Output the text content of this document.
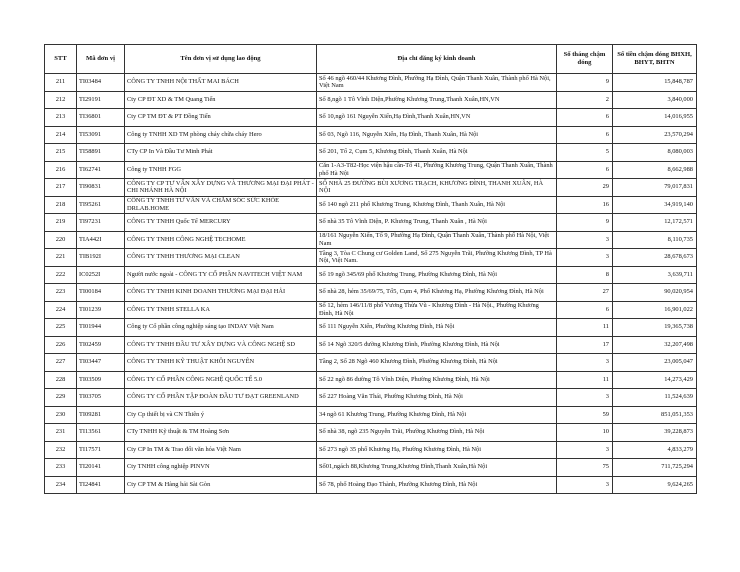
STT	Mã đơn vị	Tên đơn vị sử dụng lao động	Địa chỉ đăng ký kinh doanh	Số tháng chậm đóng	Số tiền chậm đóng BHXH, BHYT, BHTN
211	TI03484	CÔNG TY TNHH NỘI THẤT MAI BÁCH	Số 46 ngõ 460/44 Khương Đình, Phường Hạ Đình, Quận Thanh Xuân, Thành phố Hà Nội, Việt Nam	9	15,848,787
212	TI29191	Cty CP ĐT XD & TM Quang Tiến	Số 8,ngõ 1 Tô Vĩnh Diện,Phường Khương Trung,Thanh Xuân,HN,VN	2	3,840,000
213	TI36801	Cty CP TM ĐT & PT Đồng Tiến	Số 10,ngõ 161 Nguyễn Xiển,Hạ Đình,Thanh Xuân,HN,VN	6	14,016,955
214	TI53091	Công ty TNHH XD TM phòng cháy chữa cháy Hero	Số 03, Ngõ 116, Nguyễn Xiển, Hạ Đình, Thanh Xuân, Hà Nội	6	23,570,294
215	TI58891	CTy CP In Và Đầu Tư Minh Phát	Số 201, Tổ 2, Cụm 5, Khương Đình, Thanh Xuân, Hà Nội	5	8,080,003
216	TI62741	Công ty TNHH FGG	Căn 1-A3-T82-Học viện hậu cần-Tổ 41, Phường Khương Trung, Quận Thanh Xuân, Thành phố Hà Nội	6	8,662,988
217	TI90831	CÔNG TY CP TƯ VẤN XÂY DỰNG VÀ THƯƠNG MẠI ĐẠI PHÁT - CHI NHÁNH HÀ NỘI	SỐ NHÀ 25 ĐƯỜNG BÙI XƯƠNG TRẠCH, KHƯƠNG ĐÌNH, THANH XUÂN, HÀ NỘI	29	79,017,831
218	TI95261	CÔNG TY TNHH TƯ VẤN VÀ CHĂM SÓC SỨC KHỎE DRLAB.HOME	Số 140 ngõ 211 phố Khương Trung, Khương Đình, Thanh Xuân, Hà Nội	16	34,919,140
219	TI97231	CÔNG TY TNHH Quốc Tế MERCURY	Số nhà 35 Tô Vĩnh Diện, P. Khương Trung, Thanh Xuân , Hà Nội	9	12,172,571
220	TIA442I	CÔNG TY TNHH CÔNG NGHỆ TECHOME	18/161 Nguyễn Xiển, Tổ 9, Phường Hạ Đình, Quận Thanh Xuân, Thành phố Hà Nội, Việt Nam	3	8,110,735
221	TIB192I	CÔNG TY TNHH THƯƠNG MẠI CLEAN	Tầng 3, Tòa C Chung cư Golden Land, Số 275 Nguyễn Trãi, Phường Khương Đình, TP Hà Nội, Việt Nam.	3	28,678,673
222	IC0252I	Người nước ngoài - CÔNG TY CỔ PHẦN NAVITECH VIỆT NAM	Số 19 ngõ 345/69 phố Khương Trung, Phường Khương Đình, Hà Nội	8	3,639,711
223	TI00184	CÔNG TY TNHH KINH DOANH THƯƠNG MẠI ĐẠI HẢI	Số nhà 28, hẻm 35/69/75, Tổ5, Cụm 4, Phố Khương Hạ, Phường Khương Đình, Hà Nội	27	90,020,954
224	TI01239	CÔNG TY TNHH STELLA KA	Số 12, hẻm 146/11/8 phố Vương Thừa Vũ - Khương Đình - Hà Nội., Phường Khương Đình, Hà Nội	6	16,901,022
225	TI01944	Công ty Cổ phần công nghiệp sáng tạo INDAY Việt Nam	Số 111 Nguyễn Xiển, Phường Khương Đình, Hà Nội	11	19,365,738
226	TI02459	CÔNG TY TNHH ĐẦU TƯ XÂY DỰNG VÀ CÔNG NGHỆ SD	Số 14 Ngõ 320/5 đường Khương Đình, Phường Khương Đình, Hà Nội	17	32,207,498
227	TI03447	CÔNG TY TNHH KỸ THUẬT KHÔI NGUYÊN	Tầng 2, Số 28 Ngõ 460 Khương Đình, Phường Khương Đình, Hà Nội	3	23,005,047
228	TI03509	CÔNG TY CỔ PHẦN CÔNG NGHỆ QUỐC TẾ 5.0	Số 22 ngõ 86 đường Tô Vĩnh Diện, Phường Khương Đình, Hà Nội	11	14,273,429
229	TI03705	CÔNG TY CỔ PHẦN TẬP ĐOÀN ĐẦU TƯ ĐẠT GREENLAND	Số 227 Hoàng Văn Thái, Phường Khương Đình, Hà Nội	3	11,524,639
230	TI09281	Cty Cp thiết bị và CN Thiên ý	34 ngõ 61 Khương Trung, Phường Khương Đình, Hà Nội	59	851,051,353
231	TI13561	CTy TNHH Kỹ thuật & TM Hoàng Sơn	Số nhà 38, ngõ 235 Nguyễn Trãi, Phường Khương Đình, Hà Nội	10	39,228,873
232	TI17571	Cty CP In TM & Trao đổi văn hóa Việt Nam	Số 273 ngõ 35 phố Khương Hạ, Phường Khương Đình, Hà Nội	3	4,833,279
233	TI20141	Cty TNHH công nghiệp PINVN	Số01,ngách 88,Khương Trung,Khương Đình,Thanh Xuân,Hà Nội	75	711,725,294
234	TI24841	Cty CP TM & Hàng hải Sài Gòn	Số 78, phố Hoàng Đạo Thành, Phường Khương Đình, Hà Nội	3	9,624,265
